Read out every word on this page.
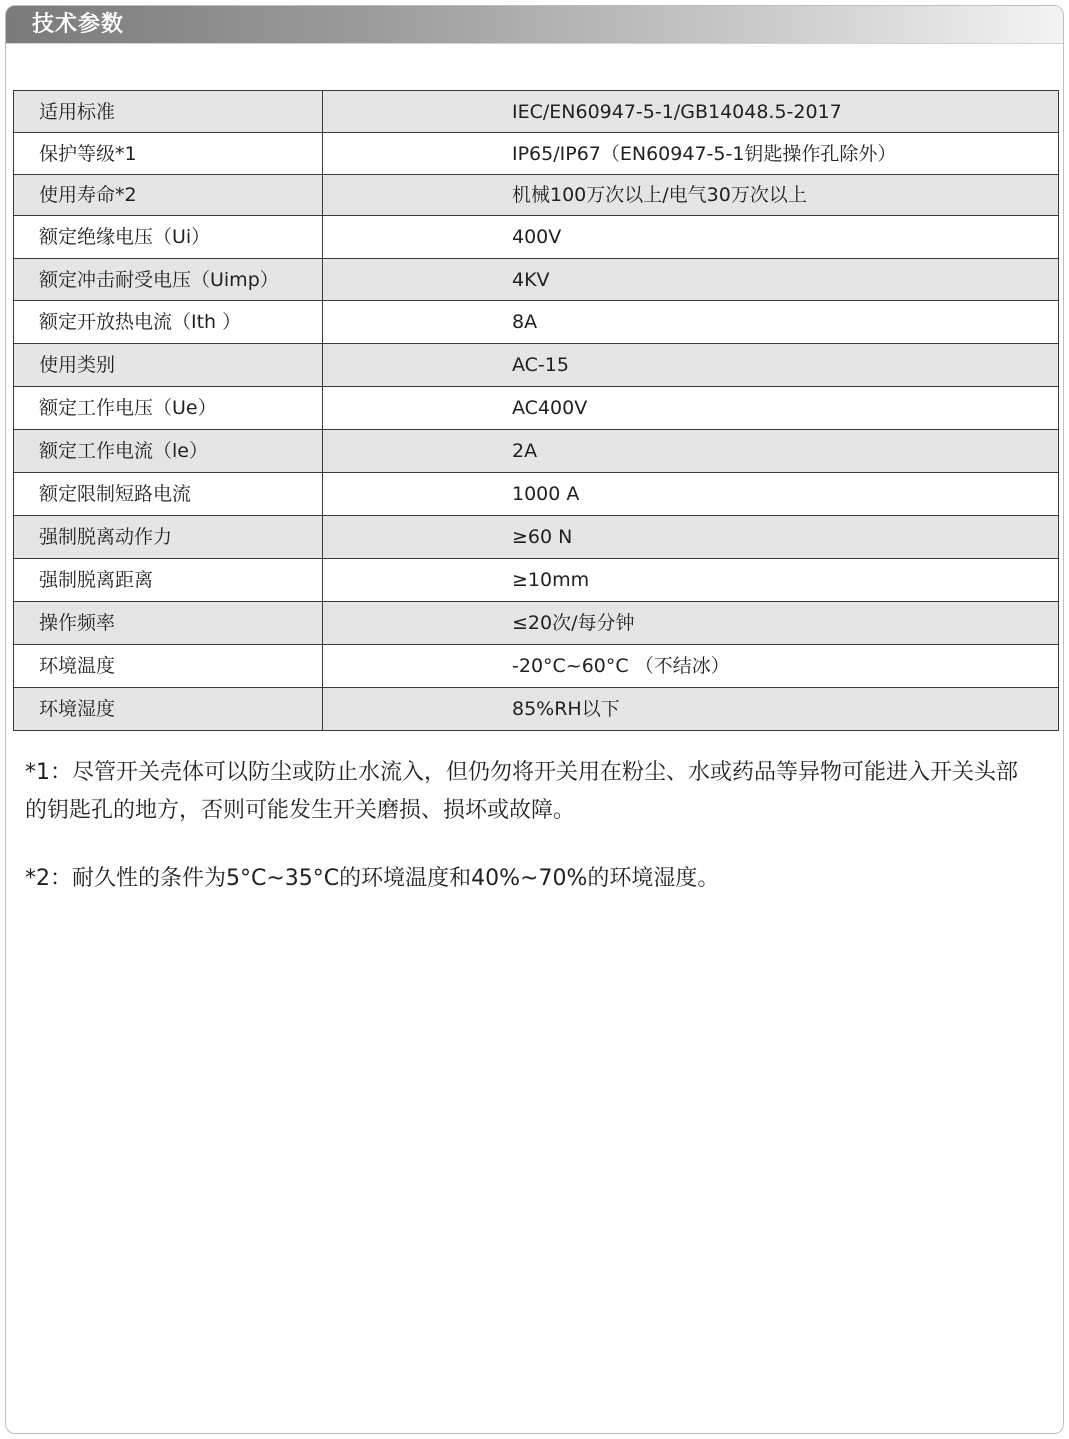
技术参数
适用标准	IEC/EN60947-5-1/GB14048.5-2017
保护等级*1	IP65/IP67（EN60947-5-1钥匙操作孔除外）
使用寿命*2	机械100万次以上/电气30万次以上
额定绝缘电压（Ui）	400V
额定冲击耐受电压（Uimp）	4KV
额定开放热电流（Ith ）	8A
使用类别	AC-15
额定工作电压（Ue）	AC400V
额定工作电流（le）	2A
额定限制短路电流	1000 A
强制脱离动作力	≥60 N
强制脱离距离	≥10mm
操作频率	≤20次/每分钟
环境温度	-20°C~60°C （不结冰）
环境湿度	85%RH以下

*1：尽管开关壳体可以防尘或防止水流入，但仍勿将开关用在粉尘、水或药品等异物可能进入开关头部的钥匙孔的地方，否则可能发生开关磨损、损坏或故障。

*2：耐久性的条件为5°C~35°C的环境温度和40%~70%的环境湿度。
